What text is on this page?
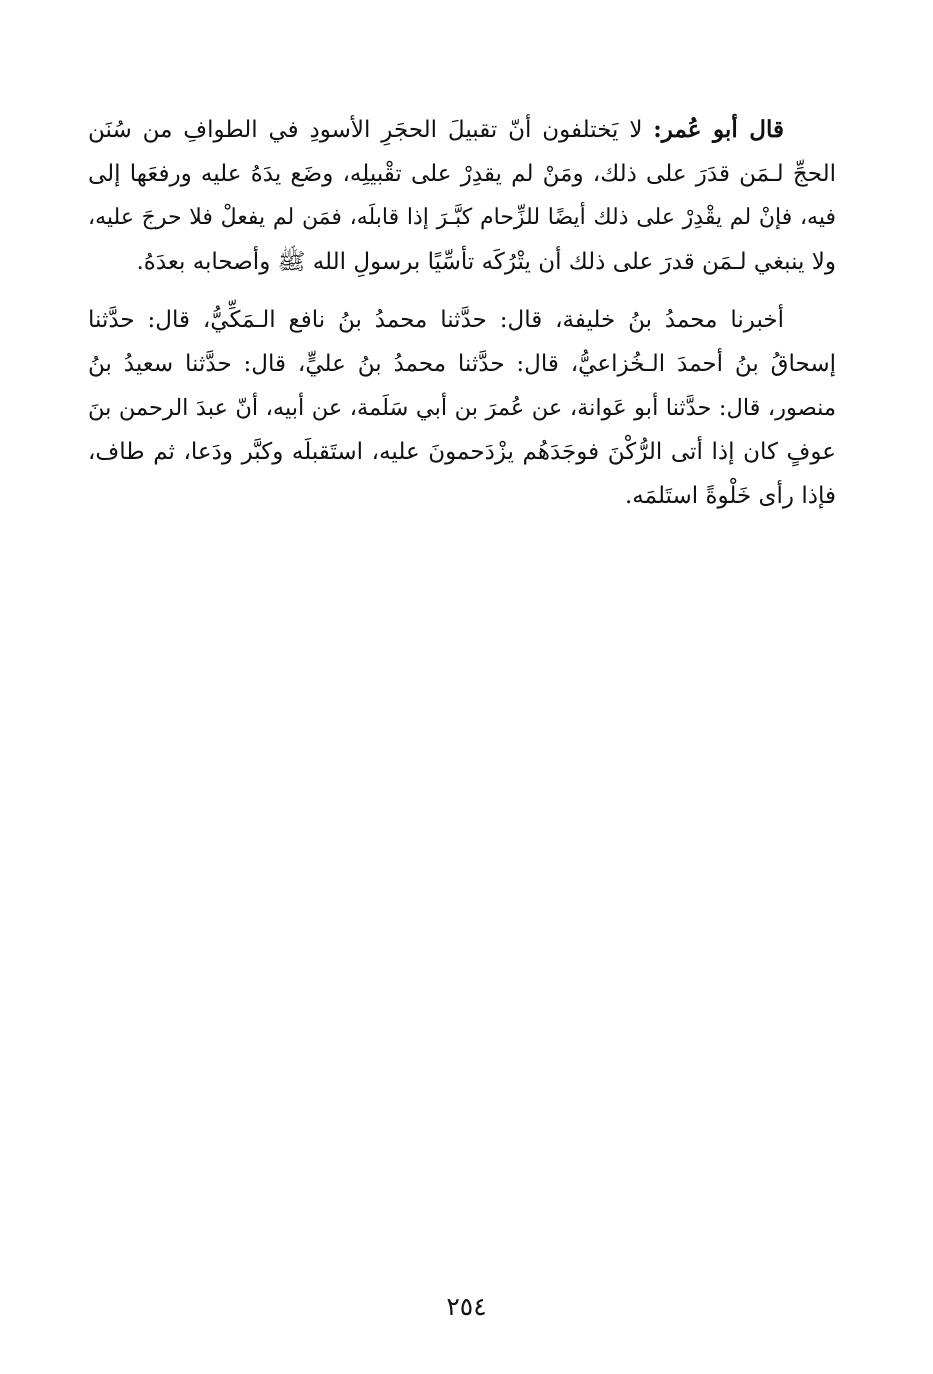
قال أبو عُمر: لا يَختلفون أنّ تقبيلَ الحجَرِ الأسودِ في الطوافِ من سُنَن
الحجِّ لـمَن قدَرَ على ذلك، ومَنْ لم يقدِرْ على تقْبيلِه، وضَع يدَهُ عليه ورفعَها إلى
فيه، فإنْ لم يقْدِرْ على ذلك أيضًا للزِّحام كبَّـرَ إذا قابلَه، فمَن لم يفعلْ فلا حرجَ عليه،
ولا ينبغي لـمَن قدرَ على ذلك أن يتْرُكَه تأسِّيًا برسولِ الله ﷺ وأصحابه بعدَهُ.
أخبرنا محمدُ بنُ خليفة، قال: حدَّثنا محمدُ بنُ نافع الـمَكِّيُّ، قال: حدَّثنا
إسحاقُ بنُ أحمدَ الـخُزاعيُّ، قال: حدَّثنا محمدُ بنُ عليٍّ، قال: حدَّثنا سعيدُ بنُ
منصور، قال: حدَّثنا أبو عَوانة، عن عُمرَ بن أبي سَلَمة، عن أبيه، أنّ عبدَ الرحمن بنَ
عوفٍ كان إذا أتى الرُّكْنَ فوجَدَهُم يزْدَحمونَ عليه، استَقبلَه وكبَّر ودَعا، ثم طاف،
فإذا رأى خَلْوةً استَلمَه.
٢٥٤
